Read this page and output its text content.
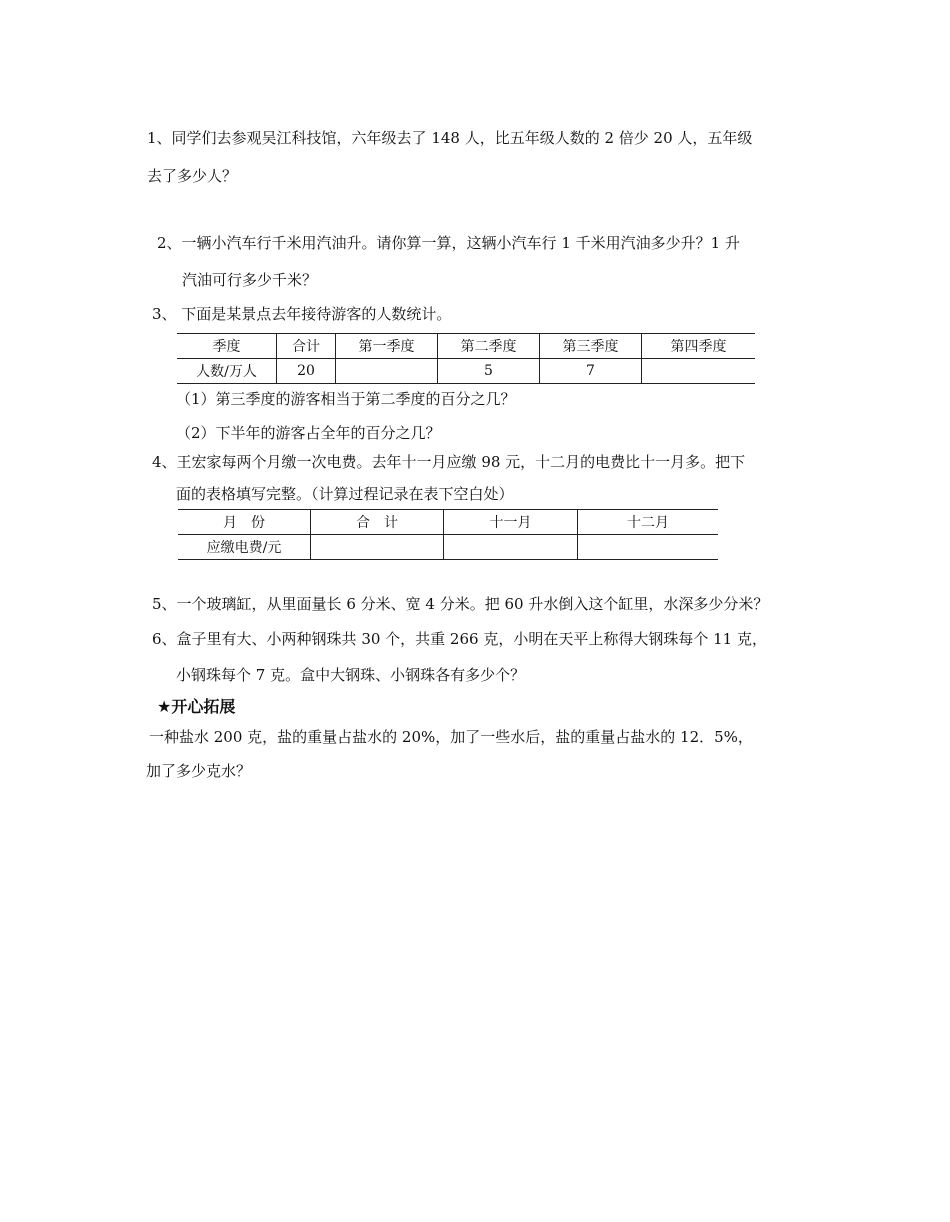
1、同学们去参观吴江科技馆，六年级去了 148 人，比五年级人数的 2 倍少 20 人，五年级
去了多少人？
2、一辆小汽车行千米用汽油升。请你算一算，这辆小汽车行 1 千米用汽油多少升？1 升
汽油可行多少千米？
3、 下面是某景点去年接待游客的人数统计。
季度	合计	第一季度	第二季度	第三季度	第四季度
人数/万人	20		5	7	
（1）第三季度的游客相当于第二季度的百分之几？
（2）下半年的游客占全年的百分之几？
4、王宏家每两个月缴一次电费。去年十一月应缴 98 元，十二月的电费比十一月多。把下
面的表格填写完整。（计算过程记录在表下空白处）
月　份	合　计	十一月	十二月
应缴电费/元			
5、一个玻璃缸，从里面量长 6 分米、宽 4 分米。把 60 升水倒入这个缸里，水深多少分米？
6、盒子里有大、小两种钢珠共 30 个，共重 266 克，小明在天平上称得大钢珠每个 11 克，
小钢珠每个 7 克。盒中大钢珠、小钢珠各有多少个？
★开心拓展
一种盐水 200 克，盐的重量占盐水的 20%，加了一些水后，盐的重量占盐水的 12．5%，
加了多少克水？
